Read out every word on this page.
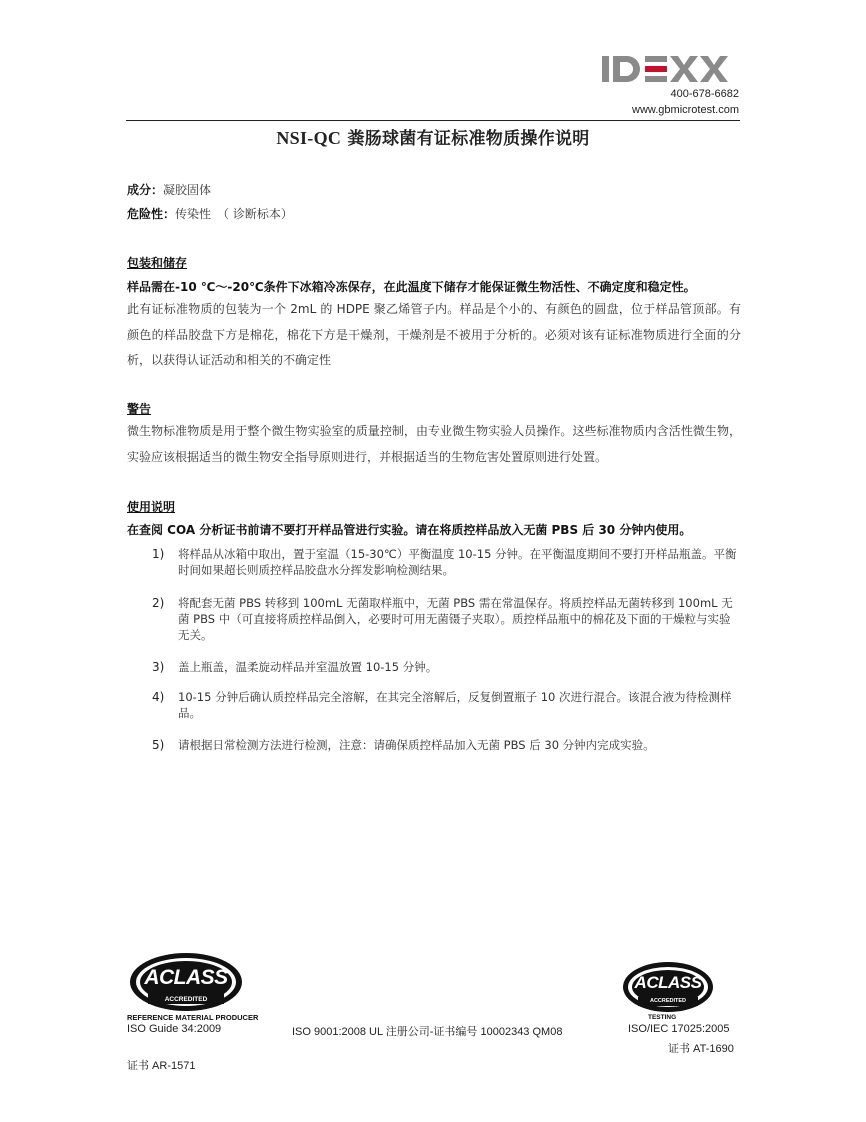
400-678-6682
www.gbmicrotest.com
NSI-QC 粪肠球菌有证标准物质操作说明
成分：凝胶固体
危险性：传染性　（ 诊断标本）
包装和储存
样品需在-10 ℃～-20℃条件下冰箱冷冻保存，在此温度下储存才能保证微生物活性、不确定度和稳定性。
此有证标准物质的包装为一个 2mL 的 HDPE 聚乙烯管子内。样品是个小的、有颜色的圆盘，位于样品管顶部。有颜色的样品胶盘下方是棉花，棉花下方是干燥剂，干燥剂是不被用于分析的。必须对该有证标准物质进行全面的分析，以获得认证活动和相关的不确定性
警告
微生物标准物质是用于整个微生物实验室的质量控制，由专业微生物实验人员操作。这些标准物质内含活性微生物，实验应该根据适当的微生物安全指导原则进行，并根据适当的生物危害处置原则进行处置。
使用说明
在查阅 COA 分析证书前请不要打开样品管进行实验。请在将质控样品放入无菌 PBS 后 30 分钟内使用。
1) 将样品从冰箱中取出，置于室温（15-30℃）平衡温度 10-15 分钟。在平衡温度期间不要打开样品瓶盖。平衡时间如果超长则质控样品胶盘水分挥发影响检测结果。
2) 将配套无菌 PBS 转移到 100mL 无菌取样瓶中，无菌 PBS 需在常温保存。将质控样品无菌转移到 100mL 无菌 PBS 中（可直接将质控样品倒入，必要时可用无菌镊子夹取）。质控样品瓶中的棉花及下面的干燥粒与实验无关。
3) 盖上瓶盖，温柔旋动样品并室温放置 10-15 分钟。
4) 10-15 分钟后确认质控样品完全溶解，在其完全溶解后，反复倒置瓶子 10 次进行混合。该混合液为待检测样品。
5) 请根据日常检测方法进行检测，注意：请确保质控样品加入无菌 PBS 后 30 分钟内完成实验。
ACLASS
ACCREDITED
REFERENCE MATERIAL PRODUCER
ISO Guide 34:2009	ISO 9001:2008 UL 注册公司-证书编号 10002343 QM08
ACLASS
ACCREDITED
TESTING
ISO/IEC 17025:2005
证书 AT-1690
证书 AR-1571
